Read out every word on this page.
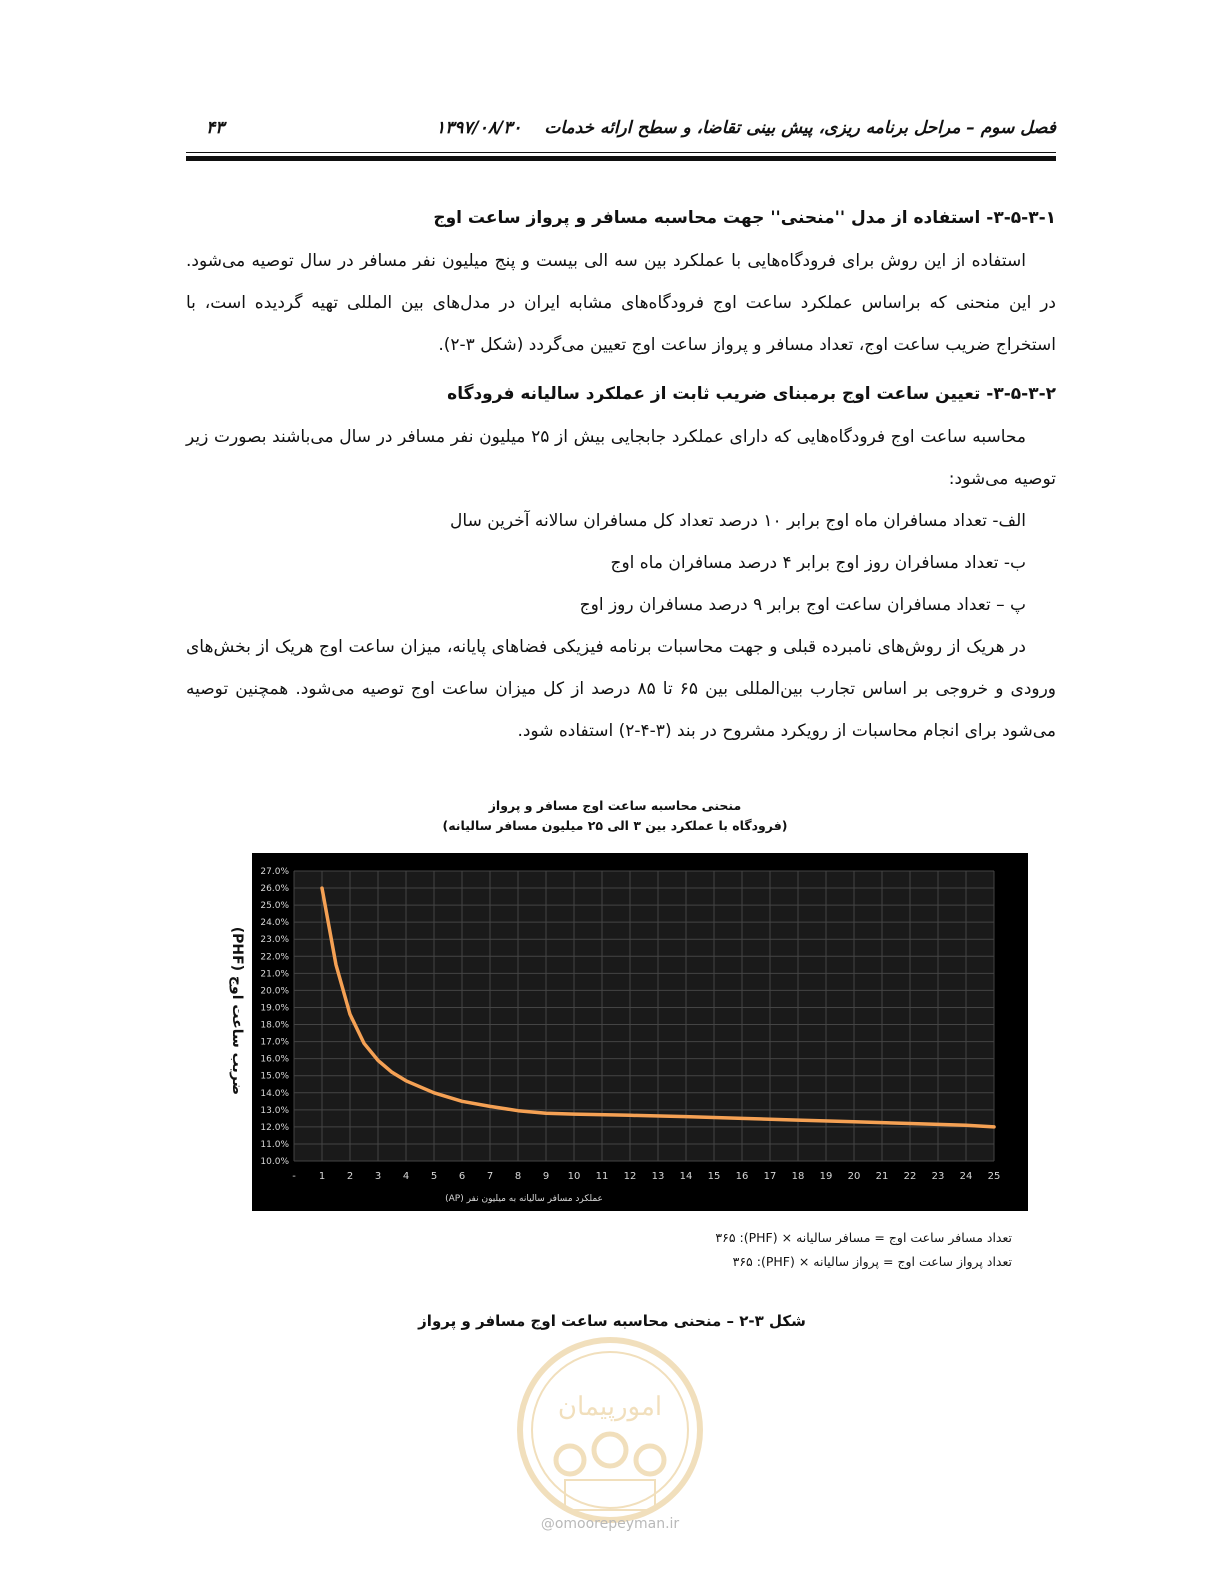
فصل سوم – مراحل برنامه ریزی، پیش بینی تقاضا، و سطح ارائه خدمات
۱۳۹۷/۰۸/۳۰
۴۳

۳-۵-۳-۱- استفاده از مدل ''منحنی'' جهت محاسبه مسافر و پرواز ساعت اوج

استفاده از این روش برای فرودگاه‌هایی با عملکرد بین سه الی بیست و پنج میلیون نفر مسافر در سال توصیه می‌شود. در این منحنی که براساس عملکرد ساعت اوج فرودگاه‌های مشابه ایران در مدل‌های بین المللی تهیه گردیده است، با استخراج ضریب ساعت اوج، تعداد مسافر و پرواز ساعت اوج تعیین می‌گردد (شکل ۳-۲).

۳-۵-۳-۲- تعیین ساعت اوج برمبنای ضریب ثابت از عملکرد سالیانه فرودگاه

محاسبه ساعت اوج فرودگاه‌هایی که دارای عملکرد جابجایی بیش از ۲۵ میلیون نفر مسافر در سال می‌باشند بصورت زیر توصیه می‌شود:

الف- تعداد مسافران ماه اوج برابر ۱۰ درصد تعداد کل مسافران سالانه آخرین سال

ب- تعداد مسافران روز اوج برابر ۴ درصد مسافران ماه اوج

پ – تعداد مسافران ساعت اوج برابر ۹ درصد مسافران روز اوج

در هریک از روش‌های نامبرده قبلی و جهت محاسبات برنامه فیزیکی فضاهای پایانه، میزان ساعت اوج هریک از بخش‌های ورودی و خروجی بر اساس تجارب بین‌المللی بین ۶۵ تا ۸۵ درصد از کل میزان ساعت اوج توصیه می‌شود. همچنین توصیه می‌شود برای انجام محاسبات از رویکرد مشروح در بند (۳-۴-۲) استفاده شود.

منحنی محاسبه ساعت اوج مسافر و پرواز
(فرودگاه با عملکرد بین ۳ الی ۲۵ میلیون مسافر سالیانه)
ضریب ساعت اوج (PHF)
10.0%
11.0%
12.0%
13.0%
14.0%
15.0%
16.0%
17.0%
18.0%
19.0%
20.0%
21.0%
22.0%
23.0%
24.0%
25.0%
26.0%
27.0%
- 1 2 3 4 5 6 7 8 9 10 11 12 13 14 15 16 17 18 19 20 21 22 23 24 25
عملکرد مسافر سالیانه به میلیون نفر (AP)
تعداد مسافر ساعت اوج = مسافر سالیانه × (PHF): ۳۶۵
تعداد پرواز ساعت اوج = پرواز سالیانه × (PHF): ۳۶۵
شکل ۳-۲ – منحنی محاسبه ساعت اوج مسافر و پرواز
امورپیمان
@omoorepeyman.ir
